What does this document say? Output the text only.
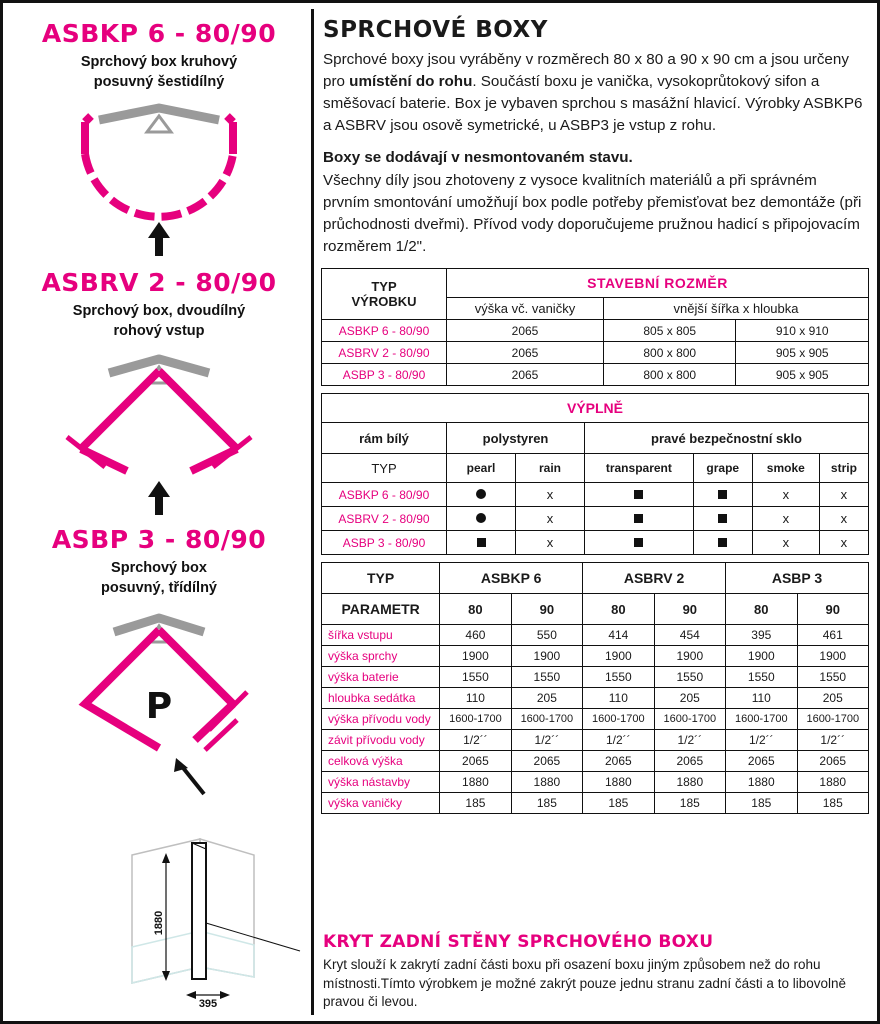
ASBKP 6 - 80/90
Sprchový box kruhový
posuvný šestidílný
ASBRV 2 - 80/90
Sprchový box, dvoudílný
rohový vstup
ASBP 3 - 80/90
Sprchový box
posuvný, třídílný
P
1880
395
SPRCHOVÉ BOXY
Sprchové boxy jsou vyráběny v rozměrech 80 x 80 a 90 x 90 cm a jsou určeny pro umístění do rohu. Součástí boxu je vanička, vysokoprůtokový sifon a směšovací baterie. Box je vybaven sprchou s masážní hlavicí. Výrobky ASBKP6 a ASBRV jsou osově symetrické, u ASBP3 je vstup z rohu.
Boxy se dodávají v nesmontovaném stavu.
Všechny díly jsou zhotoveny z vysoce kvalitních materiálů a při správném prvním smontování umožňují box podle potřeby přemisťovat bez demontáže (při průchodnosti dveřmi). Přívod vody doporučujeme pružnou hadicí s připojovacím rozměrem 1/2".
TYP
VÝROBKU	STAVEBNÍ ROZMĚR		
	výška vč. vaničky	vnější šířka x hloubka	
ASBKP 6 - 80/90	2065	805 x 805	910 x 910
ASBRV 2 - 80/90	2065	800 x 800	905 x 905
ASBP 3 - 80/90	2065	800 x 800	905 x 905
VÝPLNĚ						
rám bílý	polystyren		pravé bezpečnostní sklo			
TYP	pearl	rain	transparent	grape	smoke	strip
ASBKP 6 - 80/90		x			x	x
ASBRV 2 - 80/90		x			x	x
ASBP 3 - 80/90		x			x	x
TYP	ASBKP 6		ASBRV 2		ASBP 3	
PARAMETR	80	90	80	90	80	90
šířka vstupu	460	550	414	454	395	461
výška sprchy	1900	1900	1900	1900	1900	1900
výška baterie	1550	1550	1550	1550	1550	1550
hloubka sedátka	110	205	110	205	110	205
výška přívodu vody	1600-1700	1600-1700	1600-1700	1600-1700	1600-1700	1600-1700
závit přívodu vody	1/2´´	1/2´´	1/2´´	1/2´´	1/2´´	1/2´´
celková výška	2065	2065	2065	2065	2065	2065
výška nástavby	1880	1880	1880	1880	1880	1880
výška vaničky	185	185	185	185	185	185
KRYT ZADNÍ STĚNY SPRCHOVÉHO BOXU
Kryt slouží k zakrytí zadní části boxu při osazení boxu jiným způsobem než do rohu místnosti.Tímto výrobkem je možné zakrýt pouze jednu stranu zadní části a to libovolně pravou či levou.
